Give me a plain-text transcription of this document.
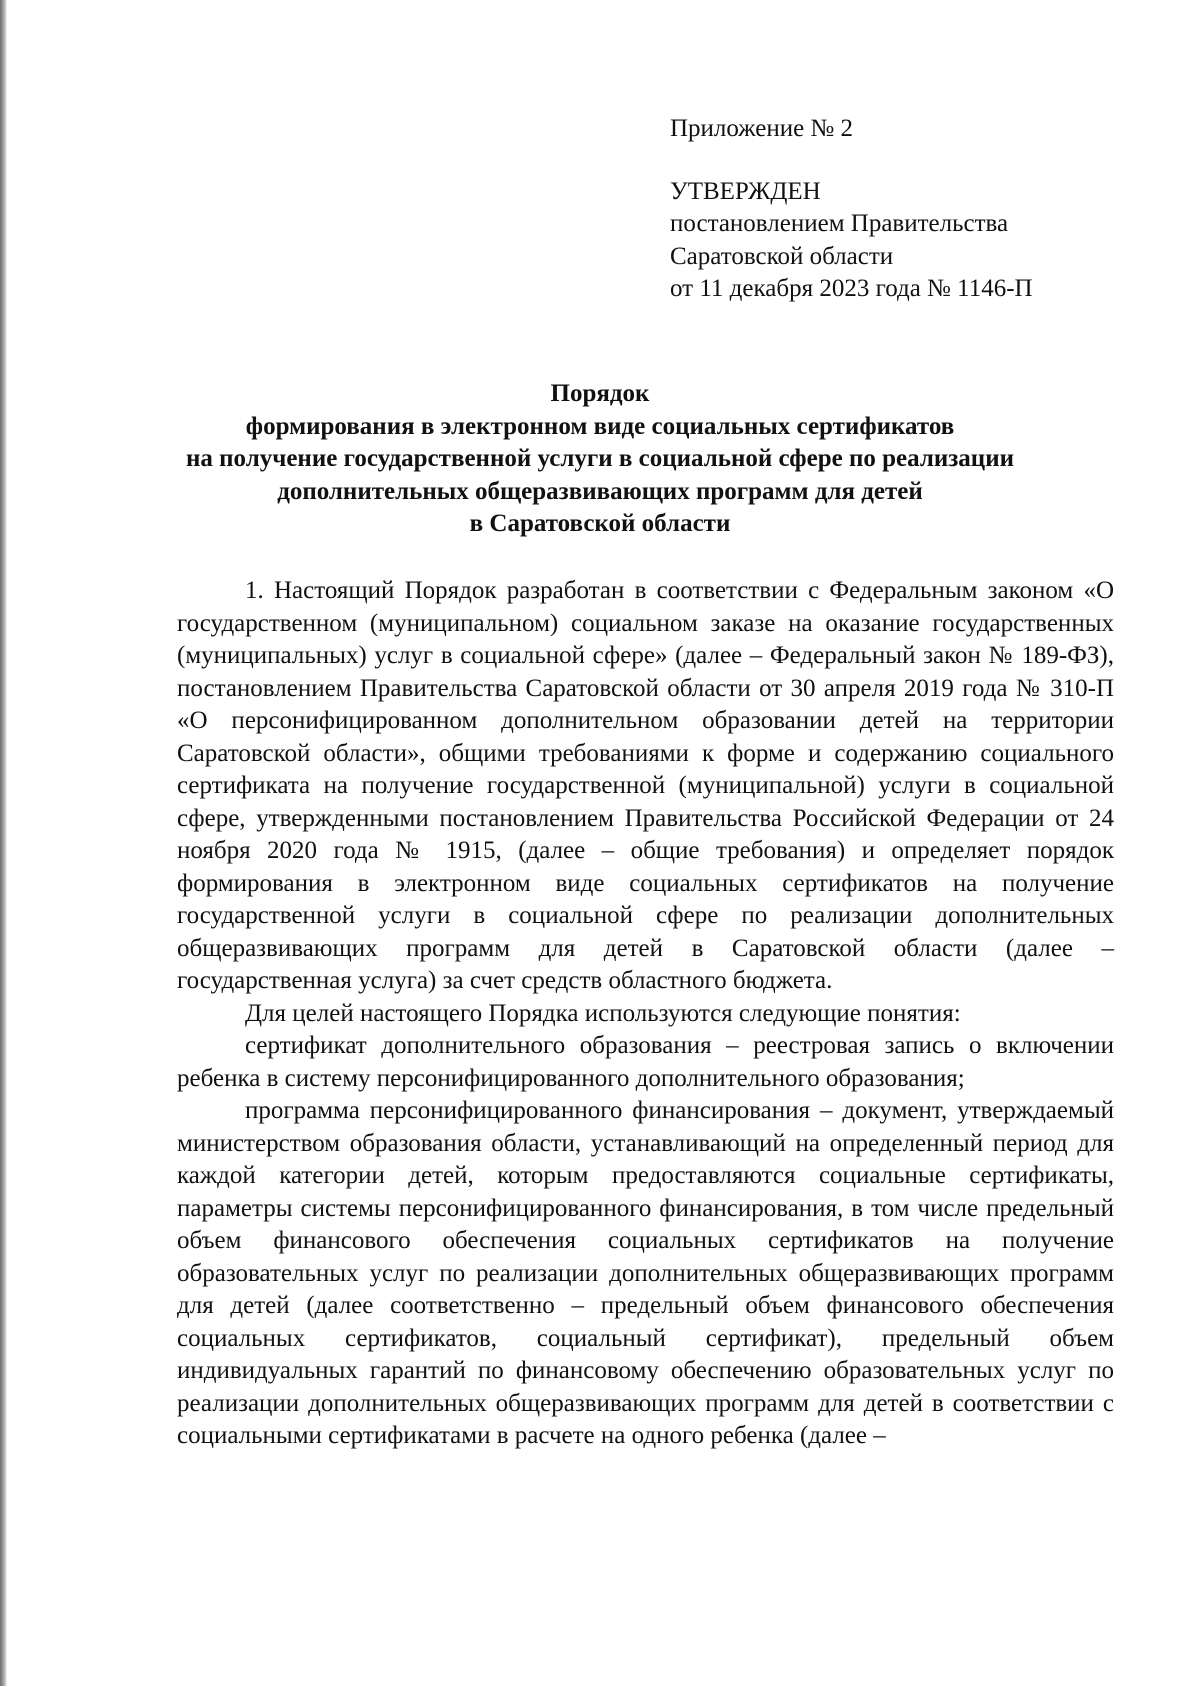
Приложение № 2
УТВЕРЖДЕН
постановлением Правительства
Саратовской области
от 11 декабря 2023 года № 1146-П
Порядок
формирования в электронном виде социальных сертификатов
на получение государственной услуги в социальной сфере по реализации
дополнительных общеразвивающих программ для детей
в Саратовской области

1. Настоящий Порядок разработан в соответствии с Федеральным законом «О государственном (муниципальном) социальном заказе на оказание государственных (муниципальных) услуг в социальной сфере» (далее – Федеральный закон № 189-ФЗ), постановлением Правительства Саратовской области от 30 апреля 2019 года № 310-П «О персонифицированном дополнительном образовании детей на территории Саратовской области», общими требованиями к форме и содержанию социального сертификата на получение государственной (муниципальной) услуги в социальной сфере, утвержденными постановлением Правительства Российской Федерации от 24 ноября 2020 года № 1915, (далее – общие требования) и определяет порядок формирования в электронном виде социальных сертификатов на получение государственной услуги в социальной сфере по реализации дополнительных общеразвивающих программ для детей в Саратовской области (далее – государственная услуга) за счет средств областного бюджета.

Для целей настоящего Порядка используются следующие понятия:

сертификат дополнительного образования – реестровая запись о включении ребенка в систему персонифицированного дополнительного образования;

программа персонифицированного финансирования – документ, утверждаемый министерством образования области, устанавливающий на определенный период для каждой категории детей, которым предоставляются социальные сертификаты, параметры системы персонифицированного финансирования, в том числе предельный объем финансового обеспечения социальных сертификатов на получение образовательных услуг по реализации дополнительных общеразвивающих программ для детей (далее соответственно – предельный объем финансового обеспечения социальных сертификатов, социальный сертификат), предельный объем индивидуальных гарантий по финансовому обеспечению образовательных услуг по реализации дополнительных общеразвивающих программ для детей в соответствии с социальными сертификатами в расчете на одного ребенка (далее –
